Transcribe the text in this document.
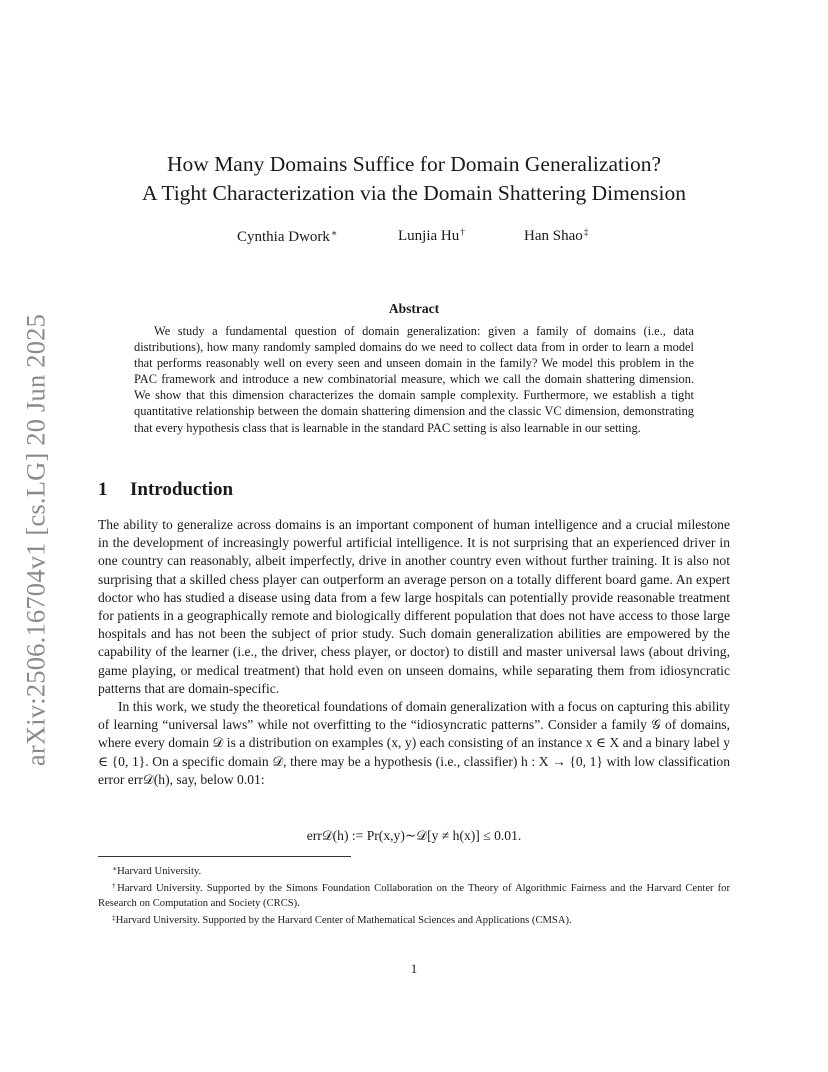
arXiv:2506.16704v1 [cs.LG] 20 Jun 2025
How Many Domains Suffice for Domain Generalization?
A Tight Characterization via the Domain Shattering Dimension
Cynthia Dwork∗	Lunjia Hu†	Han Shao‡
Abstract

We study a fundamental question of domain generalization: given a family of domains (i.e., data distributions), how many randomly sampled domains do we need to collect data from in order to learn a model that performs reasonably well on every seen and unseen domain in the family? We model this problem in the PAC framework and introduce a new combinatorial measure, which we call the domain shattering dimension. We show that this dimension characterizes the domain sample complexity. Furthermore, we establish a tight quantitative relationship between the domain shattering dimension and the classic VC dimension, demonstrating that every hypothesis class that is learnable in the standard PAC setting is also learnable in our setting.

1 Introduction

The ability to generalize across domains is an important component of human intelligence and a crucial milestone in the development of increasingly powerful artificial intelligence. It is not surprising that an experienced driver in one country can reasonably, albeit imperfectly, drive in another country even without further training. It is also not surprising that a skilled chess player can outperform an average person on a totally different board game. An expert doctor who has studied a disease using data from a few large hospitals can potentially provide reasonable treatment for patients in a geographically remote and biologically different population that does not have access to those large hospitals and has not been the subject of prior study. Such domain generalization abilities are empowered by the capability of the learner (i.e., the driver, chess player, or doctor) to distill and master universal laws (about driving, game playing, or medical treatment) that hold even on unseen domains, while separating them from idiosyncratic patterns that are domain-specific.

In this work, we study the theoretical foundations of domain generalization with a focus on capturing this ability of learning “universal laws” while not overfitting to the “idiosyncratic patterns”. Consider a family 𝒢 of domains, where every domain 𝒟 is a distribution on examples (x, y) each consisting of an instance x ∈ X and a binary label y ∈ {0, 1}. On a specific domain 𝒟, there may be a hypothesis (i.e., classifier) h : X → {0, 1} with low classification error err𝒟(h), say, below 0.01:

err𝒟(h) := Pr(x,y)∼𝒟[y ≠ h(x)] ≤ 0.01.

∗Harvard University.

†Harvard University. Supported by the Simons Foundation Collaboration on the Theory of Algorithmic Fairness and the Harvard Center for Research on Computation and Society (CRCS).

‡Harvard University. Supported by the Harvard Center of Mathematical Sciences and Applications (CMSA).

1
